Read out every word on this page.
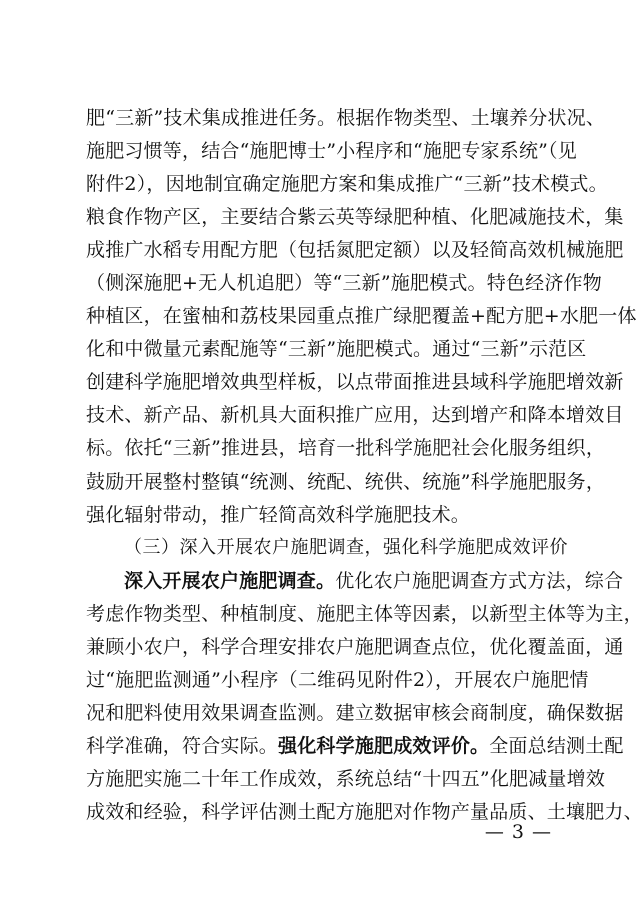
肥“三新”技术集成推进任务。根据作物类型、土壤养分状况、
施肥习惯等，结合“施肥博士”小程序和“施肥专家系统”（见
附件2），因地制宜确定施肥方案和集成推广“三新”技术模式。
粮食作物产区，主要结合紫云英等绿肥种植、化肥减施技术，集
成推广水稻专用配方肥（包括氮肥定额）以及轻简高效机械施肥
（侧深施肥+无人机追肥）等“三新”施肥模式。特色经济作物
种植区，在蜜柚和荔枝果园重点推广绿肥覆盖+配方肥+水肥一体
化和中微量元素配施等“三新”施肥模式。通过“三新”示范区
创建科学施肥增效典型样板，以点带面推进县域科学施肥增效新
技术、新产品、新机具大面积推广应用，达到增产和降本增效目
标。依托“三新”推进县，培育一批科学施肥社会化服务组织，
鼓励开展整村整镇“统测、统配、统供、统施”科学施肥服务，
强化辐射带动，推广轻简高效科学施肥技术。
（三）深入开展农户施肥调查，强化科学施肥成效评价
深入开展农户施肥调查。优化农户施肥调查方式方法，综合
考虑作物类型、种植制度、施肥主体等因素，以新型主体等为主，
兼顾小农户，科学合理安排农户施肥调查点位，优化覆盖面，通
过“施肥监测通”小程序（二维码见附件2），开展农户施肥情
况和肥料使用效果调查监测。建立数据审核会商制度，确保数据
科学准确，符合实际。强化科学施肥成效评价。全面总结测土配
方施肥实施二十年工作成效，系统总结“十四五”化肥减量增效
成效和经验，科学评估测土配方施肥对作物产量品质、土壤肥力、
— 3 —
